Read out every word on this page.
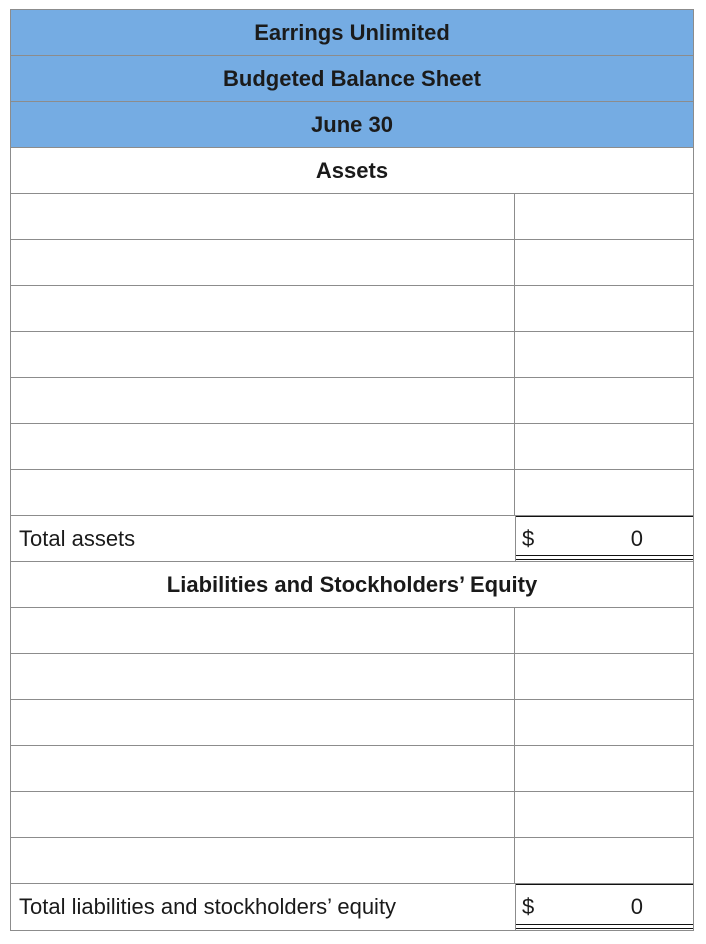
Earrings Unlimited
Budgeted Balance Sheet
June 30
Assets
Total assets	$	0
Liabilities and Stockholders’ Equity
Total liabilities and stockholders’ equity	$	0
